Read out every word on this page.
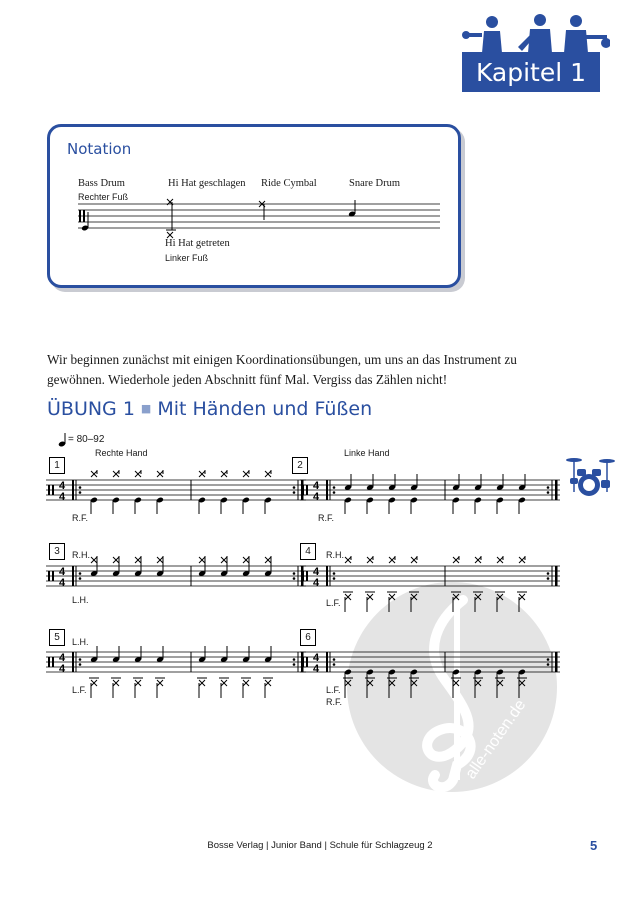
alle-noten.de
Kapitel 1
Notation
Bass Drum
Rechter Fuß
Hi Hat geschlagen Ride Cymbal	Snare Drum
Hi Hat getreten
Linker Fuß
Wir beginnen zunächst mit einigen Koordinationsübungen, um uns an das Instrument zu gewöhnen. Wiederhole jeden Abschnitt fünf Mal. Vergiss das Zählen nicht!
ÜBUNG 1 ■ Mit Händen und Füßen
= 80–92
Rechte Hand	Linke Hand
1	2
3	4
5	6
R.F.	R.F.
R.H.
L.H.
R.H.
L.F.
L.H.
L.F.	L.F.
R.F.
4
4
4
4
4
4
4
4
4
4
4
4
Bosse Verlag | Junior Band | Schule für Schlagzeug 2	5
